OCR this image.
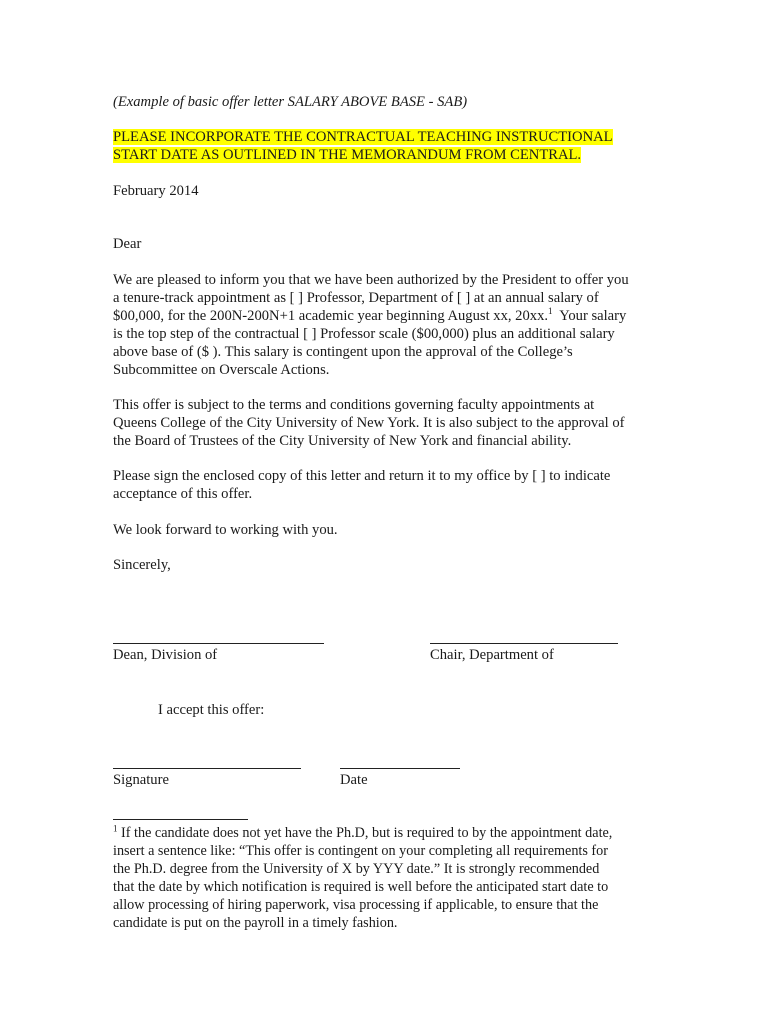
(Example of basic offer letter SALARY ABOVE BASE - SAB)

PLEASE INCORPORATE THE CONTRACTUAL TEACHING INSTRUCTIONAL

START DATE AS OUTLINED IN THE MEMORANDUM FROM CENTRAL.

February 2014

Dear

We are pleased to inform you that we have been authorized by the President to offer you

a tenure-track appointment as [ ] Professor, Department of [ ] at an annual salary of

$00,000, for the 200N-200N+1 academic year beginning August xx, 20xx.$^1$  Your salary

is the top step of the contractual [ ] Professor scale ($00,000) plus an additional salary

above base of ($ ). This salary is contingent upon the approval of the College’s

Subcommittee on Overscale Actions.

This offer is subject to the terms and conditions governing faculty appointments at

Queens College of the City University of New York. It is also subject to the approval of

the Board of Trustees of the City University of New York and financial ability.

Please sign the enclosed copy of this letter and return it to my office by [ ] to indicate

acceptance of this offer.

We look forward to working with you.

Sincerely,

Dean, Division of	Chair, Department of
I accept this offer:
Signature	Date
$^1$ If the candidate does not yet have the Ph.D, but is required to by the appointment date,
insert a sentence like: “This offer is contingent on your completing all requirements for
the Ph.D. degree from the University of X by YYY date.” It is strongly recommended
that the date by which notification is required is well before the anticipated start date to
allow processing of hiring paperwork, visa processing if applicable, to ensure that the
candidate is put on the payroll in a timely fashion.
